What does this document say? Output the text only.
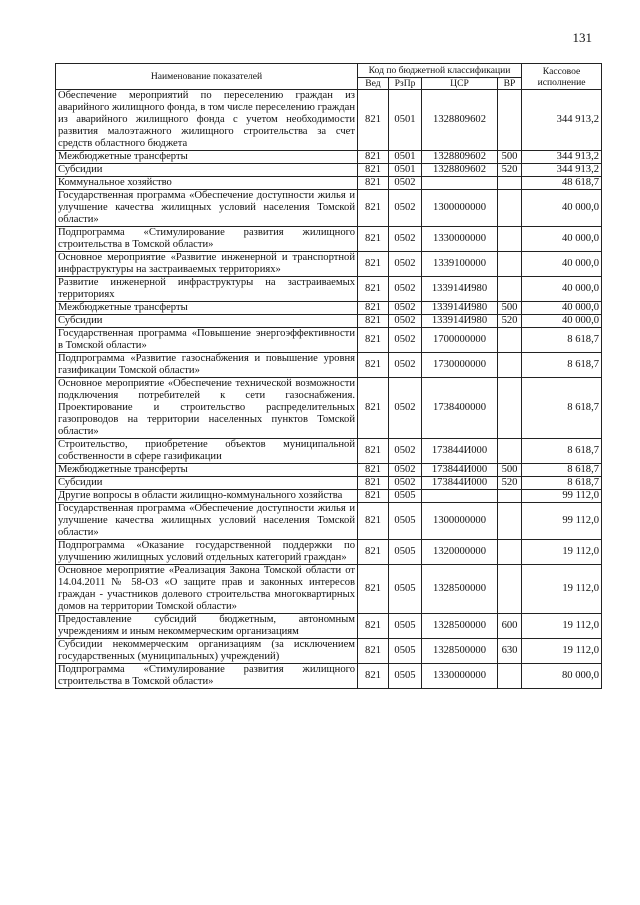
131
Наименование показателей	Код по бюджетной классификации				Кассовое исполнение
	Вед	РзПр	ЦСР	ВР	
Обеспечение мероприятий по переселению граждан из аварийного жилищного фонда, в том числе переселению граждан из аварийного жилищного фонда с учетом необходимости развития малоэтажного жилищного строительства за счет средств областного бюджета	821	0501	1328809602		344 913,2
Межбюджетные трансферты	821	0501	1328809602	500	344 913,2
Субсидии	821	0501	1328809602	520	344 913,2
Коммунальное хозяйство	821	0502			48 618,7
Государственная программа «Обеспечение доступности жилья и улучшение качества жилищных условий населения Томской области»	821	0502	1300000000		40 000,0
Подпрограмма «Стимулирование развития жилищного строительства в Томской области»	821	0502	1330000000		40 000,0
Основное мероприятие «Развитие инженерной и транспортной инфраструктуры на застраиваемых территориях»	821	0502	1339100000		40 000,0
Развитие инженерной инфраструктуры на застраиваемых территориях	821	0502	133914И980		40 000,0
Межбюджетные трансферты	821	0502	133914И980	500	40 000,0
Субсидии	821	0502	133914И980	520	40 000,0
Государственная программа «Повышение энергоэффективности в Томской области»	821	0502	1700000000		8 618,7
Подпрограмма «Развитие газоснабжения и повышение уровня газификации Томской области»	821	0502	1730000000		8 618,7
Основное мероприятие «Обеспечение технической возможности подключения потребителей к сети газоснабжения. Проектирование и строительство распределительных газопроводов на территории населенных пунктов Томской области»	821	0502	1738400000		8 618,7
Строительство, приобретение объектов муниципальной собственности в сфере газификации	821	0502	173844И000		8 618,7
Межбюджетные трансферты	821	0502	173844И000	500	8 618,7
Субсидии	821	0502	173844И000	520	8 618,7
Другие вопросы в области жилищно-коммунального хозяйства	821	0505			99 112,0
Государственная программа «Обеспечение доступности жилья и улучшение качества жилищных условий населения Томской области»	821	0505	1300000000		99 112,0
Подпрограмма «Оказание государственной поддержки по улучшению жилищных условий отдельных категорий граждан»	821	0505	1320000000		19 112,0
Основное мероприятие «Реализация Закона Томской области от 14.04.2011 № 58-ОЗ «О защите прав и законных интересов граждан - участников долевого строительства многоквартирных домов на территории Томской области»	821	0505	1328500000		19 112,0
Предоставление субсидий бюджетным, автономным учреждениям и иным некоммерческим организациям	821	0505	1328500000	600	19 112,0
Субсидии некоммерческим организациям (за исключением государственных (муниципальных) учреждений)	821	0505	1328500000	630	19 112,0
Подпрограмма «Стимулирование развития жилищного строительства в Томской области»	821	0505	1330000000		80 000,0
